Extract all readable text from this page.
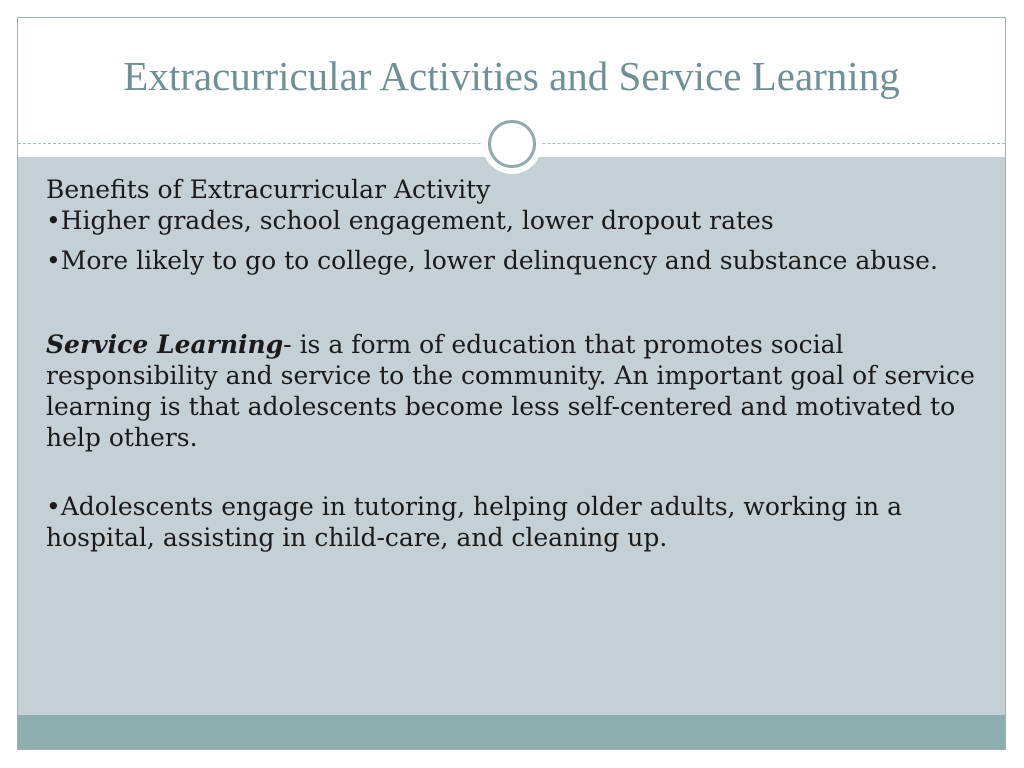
Extracurricular Activities and Service Learning

Benefits of Extracurricular Activity

•Higher grades, school engagement, lower dropout rates

•More likely to go to college, lower delinquency and substance abuse.

Service Learning- is a form of education that promotes social responsibility and service to the community. An important goal of service learning is that adolescents become less self-centered and motivated to help others.

•Adolescents engage in tutoring, helping older adults, working in a hospital, assisting in child-care, and cleaning up.
